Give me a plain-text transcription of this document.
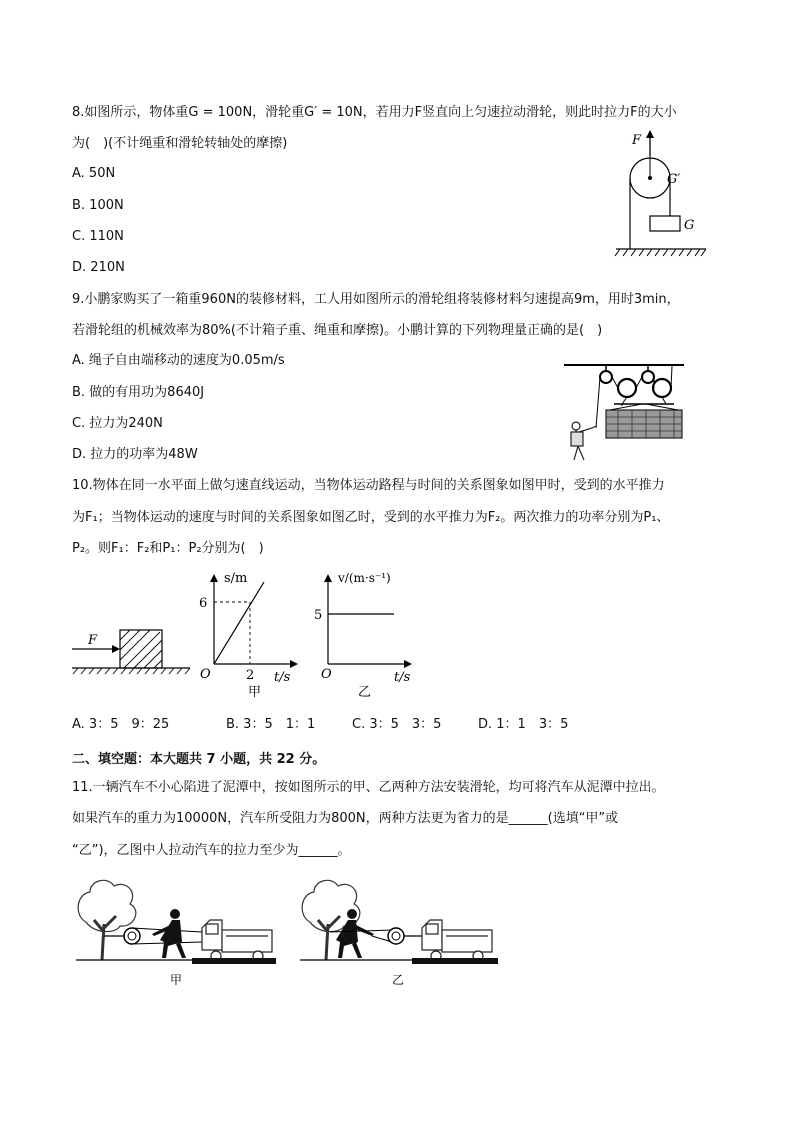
8.如图所示，物体重G = 100N，滑轮重G′ = 10N，若用力F竖直向上匀速拉动滑轮，则此时拉力F的大小
为(　)(不计绳重和滑轮转轴处的摩擦)
A. 50N
B. 100N
C. 110N
D. 210N
F
G′
G
9.小鹏家购买了一箱重960N的装修材料，工人用如图所示的滑轮组将装修材料匀速提高9m，用时3min，
若滑轮组的机械效率为80%(不计箱子重、绳重和摩擦)。小鹏计算的下列物理量正确的是(　)
A. 绳子自由端移动的速度为0.05m/s
B. 做的有用功为8640J
C. 拉力为240N
D. 拉力的功率为48W
10.物体在同一水平面上做匀速直线运动，当物体运动路程与时间的关系图象如图甲时，受到的水平推力
为F₁；当物体运动的速度与时间的关系图象如图乙时，受到的水平推力为F₂。两次推力的功率分别为P₁、
P₂。则F₁：F₂和P₁：P₂分别为(　)
F
s/m
6
2
O	t/s
甲
v/(m·s⁻¹)
5
O	t/s
乙
A. 3：5　9：25	B. 3：5　1：1	C. 3：5　3：5	D. 1：1　3：5
二、填空题：本大题共 7 小题，共 22 分。
11.一辆汽车不小心陷进了泥潭中，按如图所示的甲、乙两种方法安装滑轮，均可将汽车从泥潭中拉出。
如果汽车的重力为10000N，汽车所受阻力为800N，两种方法更为省力的是______(选填“甲”或
“乙”)，乙图中人拉动汽车的拉力至少为______。
甲	乙
